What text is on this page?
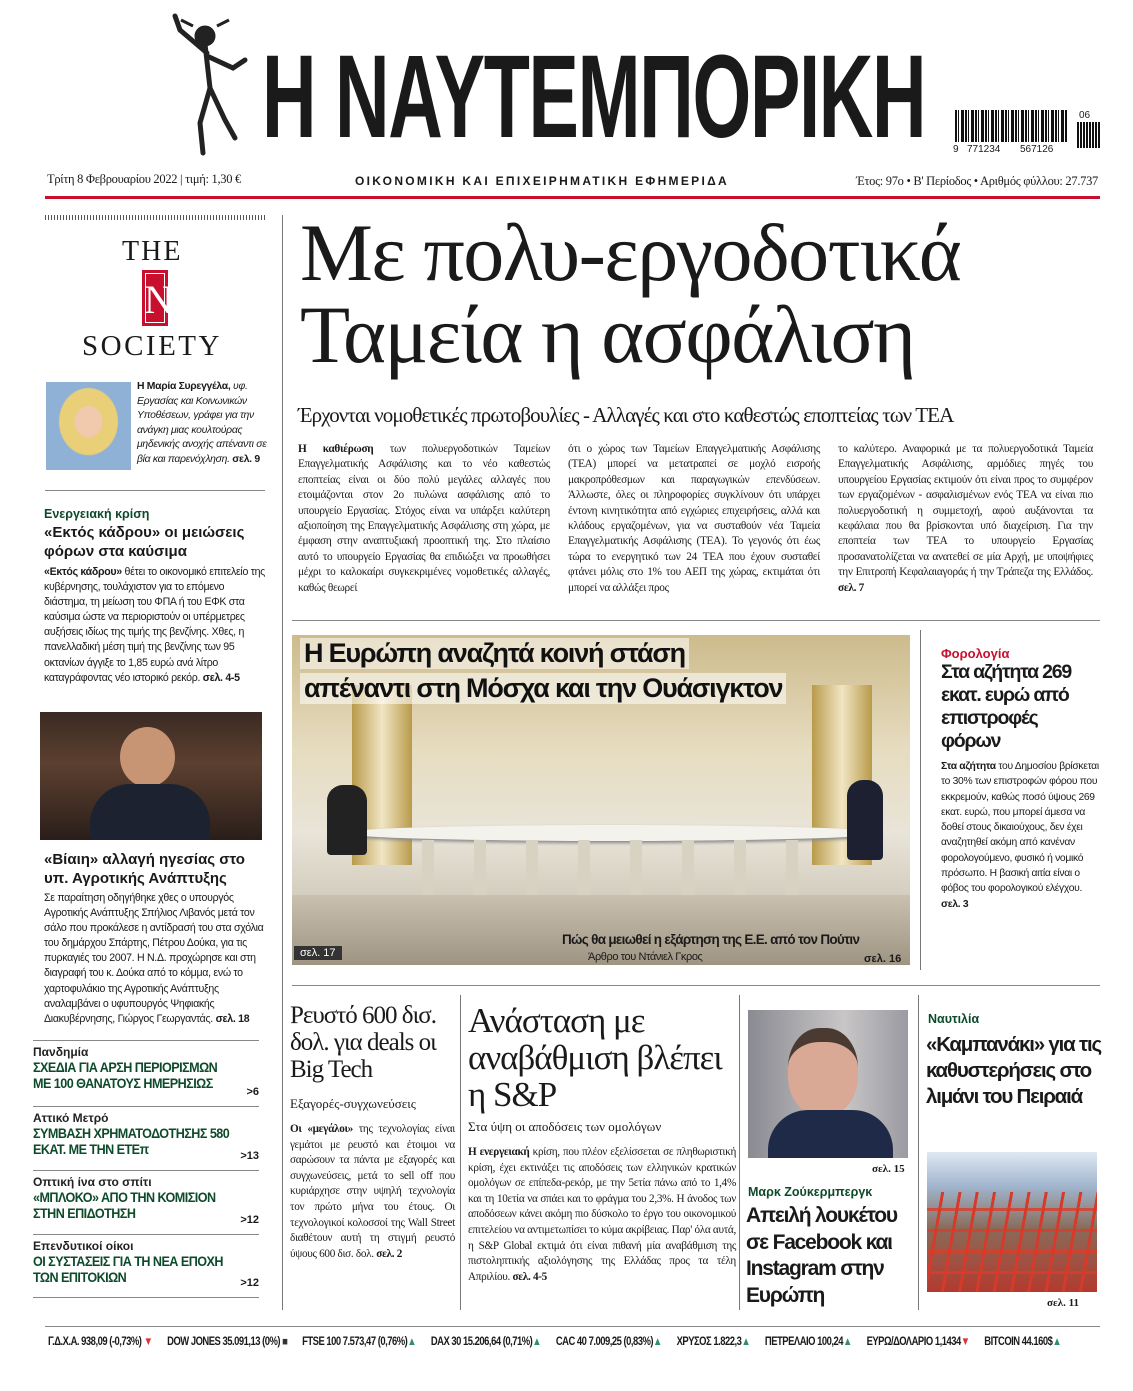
Η ΝΑΥΤΕΜΠΟΡΙΚΗ	06
9 771234 567126
Τρίτη 8 Φεβρουαρίου 2022 | τιμή: 1,30 €	ΟΙΚΟΝΟΜΙΚΗ ΚΑΙ ΕΠΙΧΕΙΡΗΜΑΤΙΚΗ ΕΦΗΜΕΡΙΔΑ	Έτος: 97ο • Β' Περίοδος • Αριθμός φύλλου: 27.737
THE
N
SOCIETY
Η Μαρία Συρεγγέλα, υφ. Εργασίας και Κοινωνικών Υποθέσεων, γράφει για την ανάγκη μιας κουλτούρας μηδενικής ανοχής απέναντι σε βία και παρενόχληση. σελ. 9
Ενεργειακή κρίση
«Εκτός κάδρου» οι μειώσεις φόρων στα καύσιμα
«Εκτός κάδρου» θέτει το οικονομικό επιτελείο της κυβέρνησης, τουλάχιστον για το επόμενο διάστημα, τη μείωση του ΦΠΑ ή του ΕΦΚ στα καύσιμα ώστε να περιοριστούν οι υπέρμετρες αυξήσεις ιδίως της τιμής της βενζίνης. Χθες, η πανελλαδική μέση τιμή της βενζίνης των 95 οκτανίων άγγιξε το 1,85 ευρώ ανά λίτρο καταγράφοντας νέο ιστορικό ρεκόρ. σελ. 4-5
«Βίαιη» αλλαγή ηγεσίας στο υπ. Αγροτικής Ανάπτυξης
Σε παραίτηση οδηγήθηκε χθες ο υπουργός Αγροτικής Ανάπτυξης Σπήλιος Λιβανός μετά τον σάλο που προκάλεσε η αντίδρασή του στα σχόλια του δημάρχου Σπάρτης, Πέτρου Δούκα, για τις πυρκαγιές του 2007. Η Ν.Δ. προχώρησε και στη διαγραφή του κ. Δούκα από το κόμμα, ενώ το χαρτοφυλάκιο της Αγροτικής Ανάπτυξης αναλαμβάνει ο υφυπουργός Ψηφιακής Διακυβέρνησης, Γιώργος Γεωργαντάς. σελ. 18
Πανδημία
ΣΧΕΔΙΑ ΓΙΑ ΑΡΣΗ ΠΕΡΙΟΡΙΣΜΩΝ ΜΕ 100 ΘΑΝΑΤΟΥΣ ΗΜΕΡΗΣΙΩΣ
>6
Αττικό Μετρό
ΣΥΜΒΑΣΗ ΧΡΗΜΑΤΟΔΟΤΗΣΗΣ 580 ΕΚΑΤ. ΜΕ ΤΗΝ ΕΤΕπ	>13
Οπτική ίνα στο σπίτι
«ΜΠΛΟΚΟ» ΑΠΟ ΤΗΝ ΚΟΜΙΣΙΟΝ ΣΤΗΝ ΕΠΙΔΟΤΗΣΗ	>12
Επενδυτικοί οίκοι
ΟΙ ΣΥΣΤΑΣΕΙΣ ΓΙΑ ΤΗ ΝΕΑ ΕΠΟΧΗ ΤΩΝ ΕΠΙΤΟΚΙΩΝ	>12
Με πολυ-εργοδοτικά
Ταμεία η ασφάλιση
Έρχονται νομοθετικές πρωτοβουλίες - Αλλαγές και στο καθεστώς εποπτείας των ΤΕΑ
Η καθιέρωση των πολυεργοδοτικών Ταμείων Επαγγελματικής Ασφάλισης και το νέο καθεστώς εποπτείας είναι οι δύο πολύ μεγάλες αλλαγές που ετοιμάζονται στον 2ο πυλώνα ασφάλισης από το υπουργείο Εργασίας. Στόχος είναι να υπάρξει καλύτερη αξιοποίηση της Επαγγελματικής Ασφάλισης στη χώρα, με έμφαση στην αναπτυξιακή προοπτική της. Στο πλαίσιο αυτό το υπουργείο Εργασίας θα επιδιώξει να προωθήσει μέχρι το καλοκαίρι συγκεκριμένες νομοθετικές αλλαγές, καθώς θεωρεί
ότι ο χώρος των Ταμείων Επαγγελματικής Ασφάλισης (ΤΕΑ) μπορεί να μετατραπεί σε μοχλό εισροής μακροπρόθεσμων και παραγωγικών επενδύσεων. Άλλωστε, όλες οι πληροφορίες συγκλίνουν ότι υπάρχει έντονη κινητικότητα από εγχώριες επιχειρήσεις, αλλά και κλάδους εργαζομένων, για να συσταθούν νέα Ταμεία Επαγγελματικής Ασφάλισης (ΤΕΑ). Το γεγονός ότι έως τώρα το ενεργητικό των 24 ΤΕΑ που έχουν συσταθεί φτάνει μόλις στο 1% του ΑΕΠ της χώρας, εκτιμάται ότι μπορεί να αλλάξει προς
το καλύτερο. Αναφορικά με τα πολυεργοδοτικά Ταμεία Επαγγελματικής Ασφάλισης, αρμόδιες πηγές του υπουργείου Εργασίας εκτιμούν ότι είναι προς το συμφέρον των εργαζομένων - ασφαλισμένων ενός ΤΕΑ να είναι πιο πολυεργοδοτική η συμμετοχή, αφού αυξάνονται τα κεφάλαια που θα βρίσκονται υπό διαχείριση. Για την εποπτεία των ΤΕΑ το υπουργείο Εργασίας προσανατολίζεται να ανατεθεί σε μία Αρχή, με υποψήφιες την Επιτροπή Κεφαλαιαγοράς ή την Τράπεζα της Ελλάδος. σελ. 7
Η Ευρώπη αναζητά κοινή στάση
απέναντι στη Μόσχα και την Ουάσιγκτον
σελ. 17
Πώς θα μειωθεί η εξάρτηση της Ε.Ε. από τον Πούτιν
Άρθρο του Ντάνιελ Γκρος	σελ. 16
Φορολογία
Στα αζήτητα 269 εκατ. ευρώ από επιστροφές φόρων
Στα αζήτητα του Δημοσίου βρίσκεται το 30% των επιστροφών φόρου που εκκρεμούν, καθώς ποσό ύψους 269 εκατ. ευρώ, που μπορεί άμεσα να δοθεί στους δικαιούχους, δεν έχει αναζητηθεί ακόμη από κανέναν φορολογούμενο, φυσικό ή νομικό πρόσωπο. Η βασική αιτία είναι ο φόβος του φορολογικού ελέγχου. σελ. 3
Ρευστό 600 δισ. δολ. για deals οι Big Tech
Εξαγορές-συγχωνεύσεις
Οι «μεγάλοι» της τεχνολογίας είναι γεμάτοι με ρευστό και έτοιμοι να σαρώσουν τα πάντα με εξαγορές και συγχωνεύσεις, μετά το sell off που κυριάρχησε στην υψηλή τεχνολογία τον πρώτο μήνα του έτους. Οι τεχνολογικοί κολοσσοί της Wall Street διαθέτουν αυτή τη στιγμή ρευστό ύψους 600 δισ. δολ. σελ. 2
Ανάσταση με αναβάθμιση βλέπει η S&P
Στα ύψη οι αποδόσεις των ομολόγων
Η ενεργειακή κρίση, που πλέον εξελίσσεται σε πληθωριστική κρίση, έχει εκτινάξει τις αποδόσεις των ελληνικών κρατικών ομολόγων σε επίπεδα-ρεκόρ, με την 5ετία πάνω από το 1,4% και τη 10ετία να σπάει και το φράγμα του 2,3%. Η άνοδος των αποδόσεων κάνει ακόμη πιο δύσκολο το έργο του οικονομικού επιτελείου να αντιμετωπίσει το κύμα ακρίβειας. Παρ' όλα αυτά, η S&P Global εκτιμά ότι είναι πιθανή μία αναβάθμιση της πιστοληπτικής αξιολόγησης της Ελλάδας προς τα τέλη Απριλίου. σελ. 4-5
σελ. 15
Μαρκ Ζούκερμπεργκ
Απειλή λουκέτου σε Facebook και Instagram στην Ευρώπη
Ναυτιλία
«Καμπανάκι» για τις καθυστερήσεις στο λιμάνι του Πειραιά
σελ. 11
Γ.Δ.Χ.Α. 938,09 (-0,73%) ▼ DOW JONES 35.091,13 (0%) ■ FTSE 100 7.573,47 (0,76%)▲ DAX 30 15.206,64 (0,71%)▲ CAC 40 7.009,25 (0,83%)▲ ΧΡΥΣΟΣ 1.822,3▲ ΠΕΤΡΕΛΑΙΟ 100,24▲ ΕΥΡΩ/ΔΟΛΑΡΙΟ 1,1434▼ BITCOIN 44.160$▲
